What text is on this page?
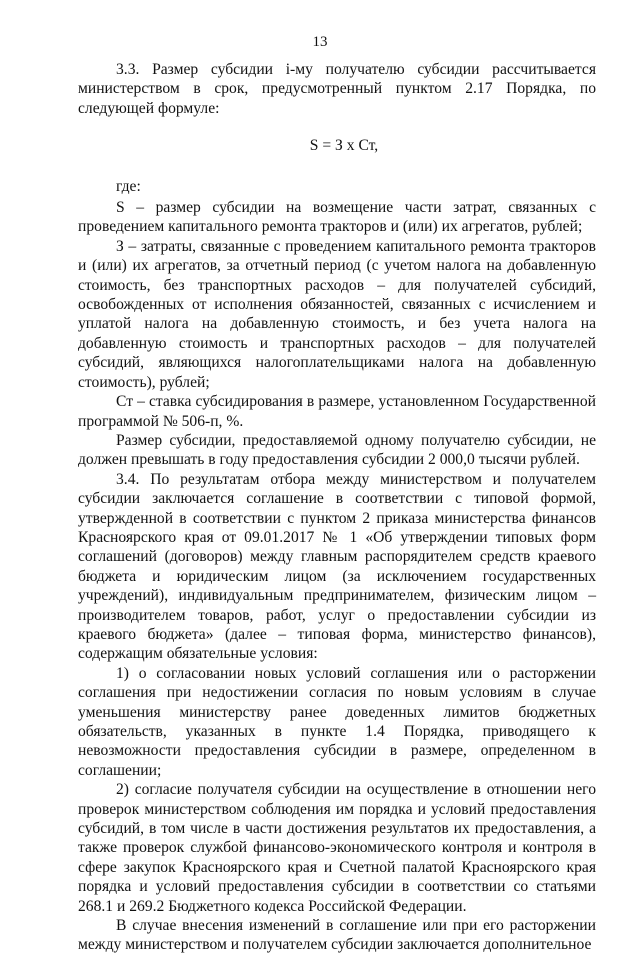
13

3.3. Размер субсидии i-му получателю субсидии рассчитывается министерством в срок, предусмотренный пунктом 2.17 Порядка, по следующей формуле:

S = З х Ст,

где:

S – размер субсидии на возмещение части затрат, связанных с проведением капитального ремонта тракторов и (или) их агрегатов, рублей;

З – затраты, связанные с проведением капитального ремонта тракторов и (или) их агрегатов, за отчетный период (с учетом налога на добавленную стоимость, без транспортных расходов – для получателей субсидий, освобожденных от исполнения обязанностей, связанных с исчислением и уплатой налога на добавленную стоимость, и без учета налога на добавленную стоимость и транспортных расходов – для получателей субсидий, являющихся налогоплательщиками налога на добавленную стоимость), рублей;

Ст – ставка субсидирования в размере, установленном Государственной программой № 506-п, %.

Размер субсидии, предоставляемой одному получателю субсидии, не должен превышать в году предоставления субсидии 2 000,0 тысячи рублей.

3.4. По результатам отбора между министерством и получателем субсидии заключается соглашение в соответствии с типовой формой, утвержденной в соответствии с пунктом 2 приказа министерства финансов Красноярского края от 09.01.2017 № 1 «Об утверждении типовых форм соглашений (договоров) между главным распорядителем средств краевого бюджета и юридическим лицом (за исключением государственных учреждений), индивидуальным предпринимателем, физическим лицом – производителем товаров, работ, услуг о предоставлении субсидии из краевого бюджета» (далее – типовая форма, министерство финансов), содержащим обязательные условия:

1) о согласовании новых условий соглашения или о расторжении соглашения при недостижении согласия по новым условиям в случае уменьшения министерству ранее доведенных лимитов бюджетных обязательств, указанных в пункте 1.4 Порядка, приводящего к невозможности предоставления субсидии в размере, определенном в соглашении;

2) согласие получателя субсидии на осуществление в отношении него проверок министерством соблюдения им порядка и условий предоставления субсидий, в том числе в части достижения результатов их предоставления, а также проверок службой финансово-экономического контроля и контроля в сфере закупок Красноярского края и Счетной палатой Красноярского края порядка и условий предоставления субсидии в соответствии со статьями 268.1 и 269.2 Бюджетного кодекса Российской Федерации.

В случае внесения изменений в соглашение или при его расторжении между министерством и получателем субсидии заключается дополнительное
